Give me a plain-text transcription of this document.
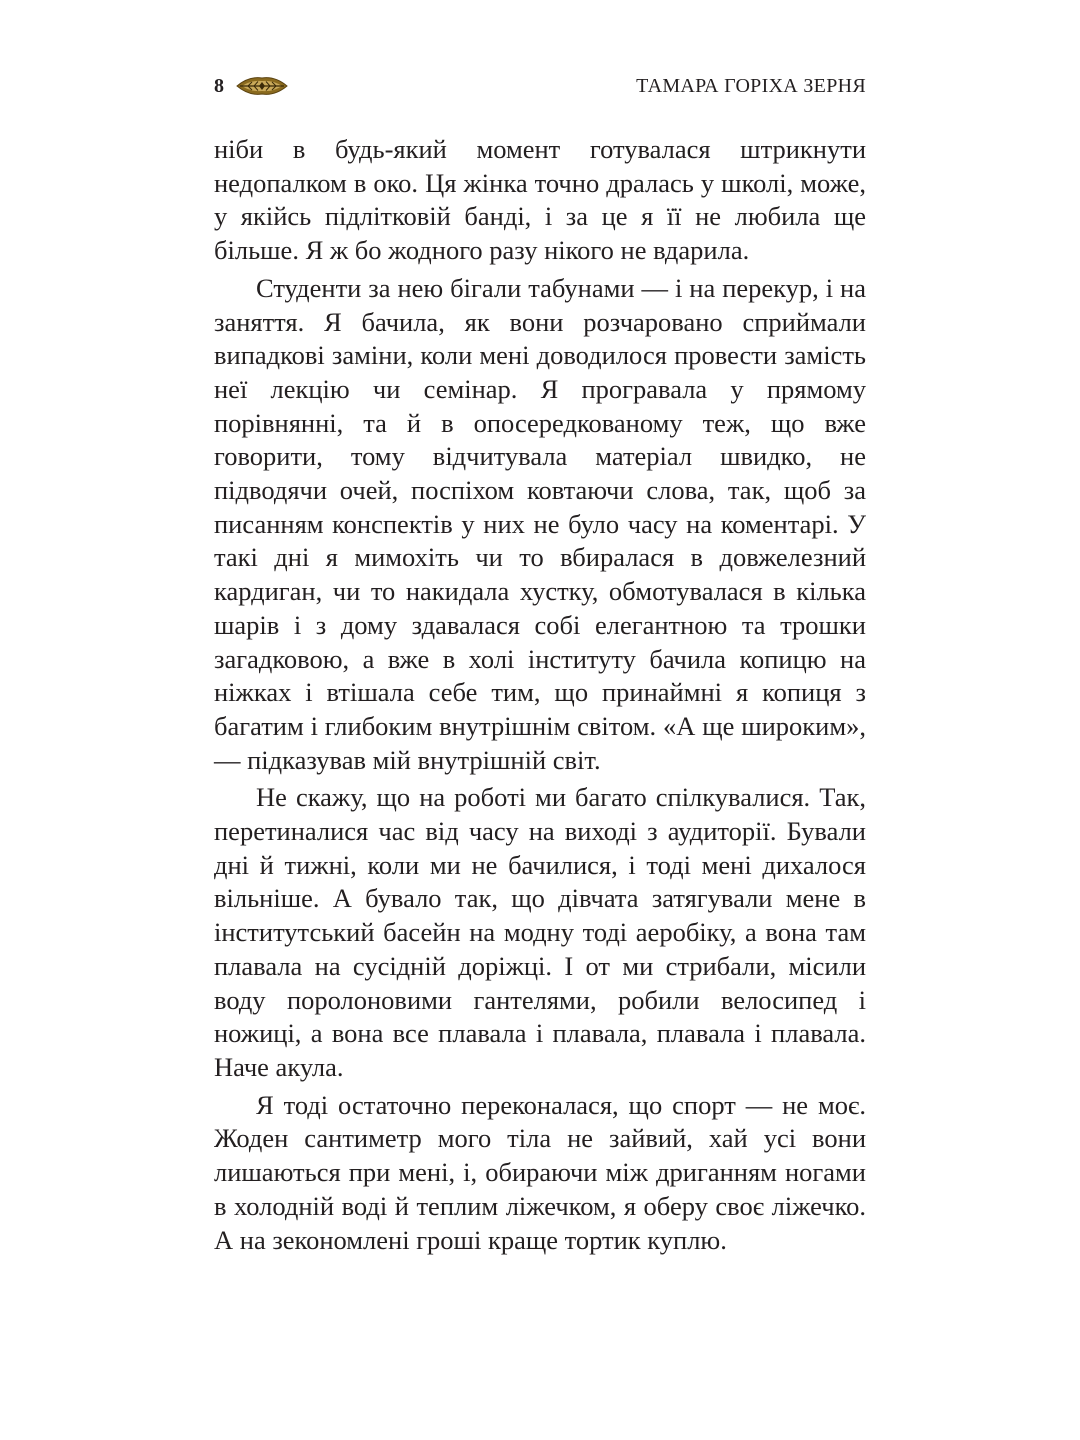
8	ТАМАРА ГОРІХА ЗЕРНЯ

ніби в будь-який момент готувалася штрикнути недопалком в око. Ця жінка точно дралась у школі, може, у якійсь підлітковій банді, і за це я її не любила ще більше. Я ж бо жодного разу нікого не вдарила.

Студенти за нею бігали табунами — і на перекур, і на заняття. Я бачила, як вони розчаровано сприймали випадкові заміни, коли мені доводилося провести замість неї лекцію чи семінар. Я програвала у прямому порівнянні, та й в опосередкованому теж, що вже говорити, тому відчитувала матеріал швидко, не підводячи очей, поспіхом ковтаючи слова, так, щоб за писанням конспектів у них не було часу на коментарі. У такі дні я мимохіть чи то вбиралася в довжелезний кардиган, чи то накидала хустку, обмотувалася в кілька шарів і з дому здавалася собі елегантною та трошки загадковою, а вже в холі інституту бачила копицю на ніжках і втішала себе тим, що принаймні я копиця з багатим і глибоким внутрішнім світом. «А ще широким», — підказував мій внутрішній світ.

Не скажу, що на роботі ми багато спілкувалися. Так, перетиналися час від часу на виході з аудиторії. Бували дні й тижні, коли ми не бачилися, і тоді мені дихалося вільніше. А бувало так, що дівчата затягували мене в інститутський басейн на модну тоді аеробіку, а вона там плавала на сусідній доріжці. І от ми стрибали, місили воду поролоновими гантелями, робили велосипед і ножиці, а вона все плавала і плавала, плавала і плавала. Наче акула.

Я тоді остаточно переконалася, що спорт — не моє. Жоден сантиметр мого тіла не зайвий, хай усі вони лишаються при мені, і, обираючи між дриганням ногами в холодній воді й теплим ліжечком, я оберу своє ліжечко. А на зекономлені гроші краще тортик куплю.
